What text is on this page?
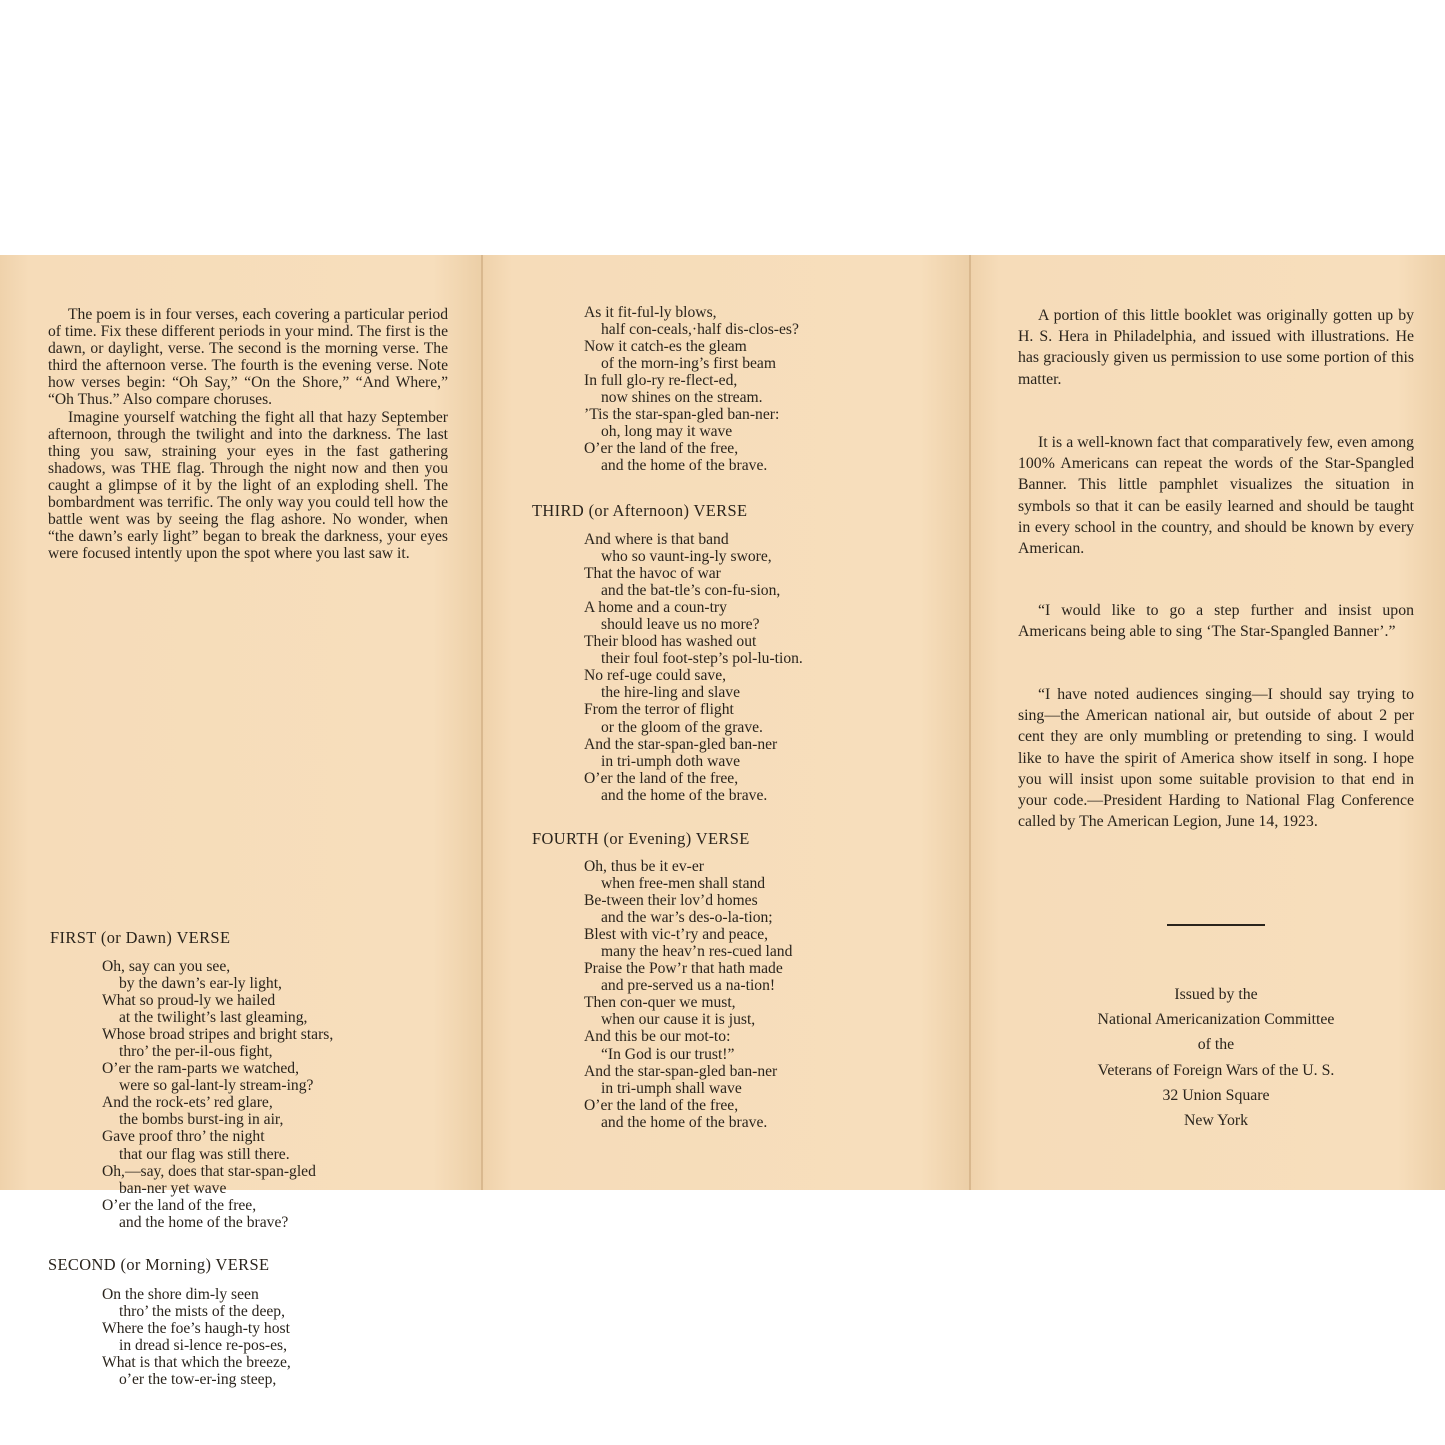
The poem is in four verses, each covering a particular period of time. Fix these different periods in your mind. The first is the dawn, or daylight, verse. The second is the morning verse. The third the afternoon verse. The fourth is the evening verse. Note how verses begin: “Oh Say,” “On the Shore,” “And Where,” “Oh Thus.” Also compare choruses.

Imagine yourself watching the fight all that hazy September afternoon, through the twilight and into the darkness. The last thing you saw, straining your eyes in the fast gathering shadows, was THE flag. Through the night now and then you caught a glimpse of it by the light of an exploding shell. The bombardment was terrific. The only way you could tell how the battle went was by seeing the flag ashore. No wonder, when “the dawn’s early light” began to break the darkness, your eyes were focused intently upon the spot where you last saw it.

FIRST (or Dawn) VERSE
Oh, say can you see,
by the dawn’s ear-ly light,
What so proud-ly we hailed
at the twilight’s last gleaming,
Whose broad stripes and bright stars,
thro’ the per-il-ous fight,
O’er the ram-parts we watched,
were so gal-lant-ly stream-ing?
And the rock-ets’ red glare,
the bombs burst-ing in air,
Gave proof thro’ the night
that our flag was still there.
Oh,—say, does that star-span-gled
ban-ner yet wave
O’er the land of the free,
and the home of the brave?
SECOND (or Morning) VERSE
On the shore dim-ly seen
thro’ the mists of the deep,
Where the foe’s haugh-ty host
in dread si-lence re-pos-es,
What is that which the breeze,
o’er the tow-er-ing steep,
As it fit-ful-ly blows,
half con-ceals,·half dis-clos-es?
Now it catch-es the gleam
of the morn-ing’s first beam
In full glo-ry re-flect-ed,
now shines on the stream.
’Tis the star-span-gled ban-ner:
oh, long may it wave
O’er the land of the free,
and the home of the brave.
THIRD (or Afternoon) VERSE
And where is that band
who so vaunt-ing-ly swore,
That the havoc of war
and the bat-tle’s con-fu-sion,
A home and a coun-try
should leave us no more?
Their blood has washed out
their foul foot-step’s pol-lu-tion.
No ref-uge could save,
the hire-ling and slave
From the terror of flight
or the gloom of the grave.
And the star-span-gled ban-ner
in tri-umph doth wave
O’er the land of the free,
and the home of the brave.
FOURTH (or Evening) VERSE
Oh, thus be it ev-er
when free-men shall stand
Be-tween their lov’d homes
and the war’s des-o-la-tion;
Blest with vic-t’ry and peace,
many the heav’n res-cued land
Praise the Pow’r that hath made
and pre-served us a na-tion!
Then con-quer we must,
when our cause it is just,
And this be our mot-to:
“In God is our trust!”
And the star-span-gled ban-ner
in tri-umph shall wave
O’er the land of the free,
and the home of the brave.

A portion of this little booklet was originally gotten up by H. S. Hera in Philadelphia, and issued with illustrations. He has graciously given us permission to use some portion of this matter.

It is a well-known fact that comparatively few, even among 100% Americans can repeat the words of the Star-Spangled Banner. This little pamphlet visualizes the situation in symbols so that it can be easily learned and should be taught in every school in the country, and should be known by every American.

“I would like to go a step further and insist upon Americans being able to sing ‘The Star-Spangled Banner’.”

“I have noted audiences singing—I should say trying to sing—the American national air, but outside of about 2 per cent they are only mumbling or pretending to sing. I would like to have the spirit of America show itself in song. I hope you will insist upon some suitable provision to that end in your code.—President Harding to National Flag Conference called by The American Legion, June 14, 1923.

Issued by the
National Americanization Committee
of the
Veterans of Foreign Wars of the U. S.
32 Union Square
New York
